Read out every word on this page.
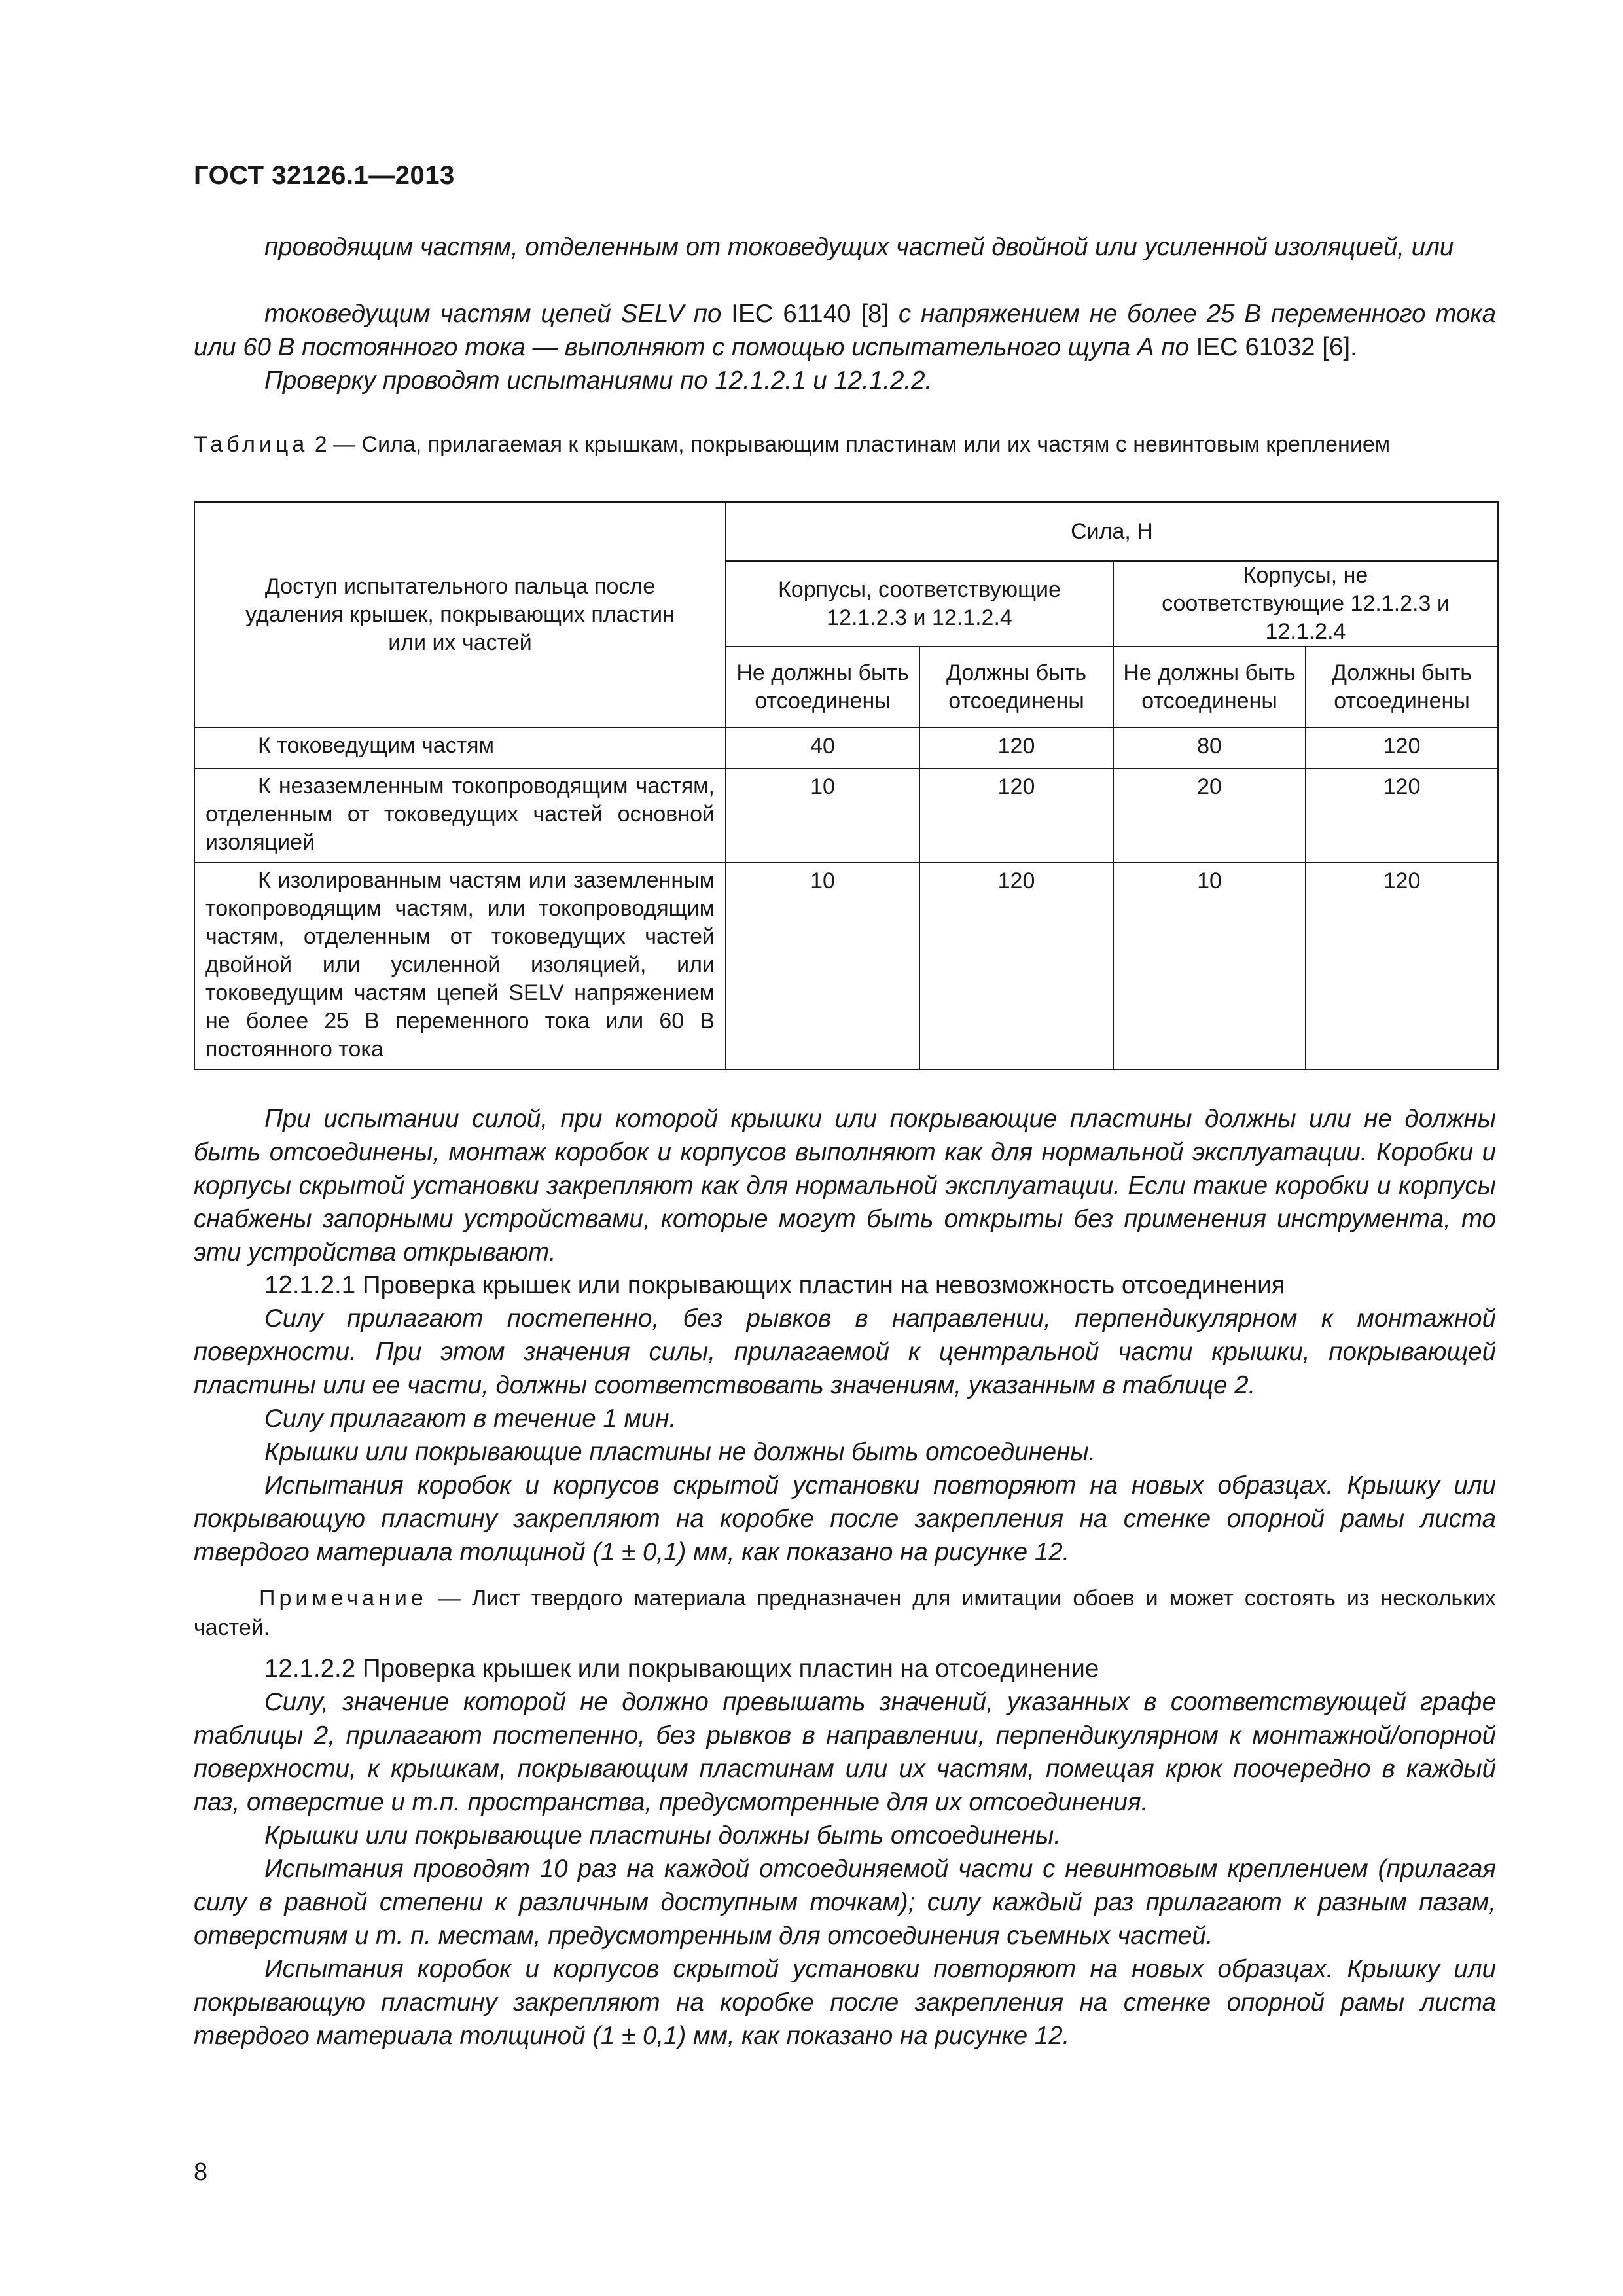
ГОСТ 32126.1—2013

проводящим частям, отделенным от токоведущих частей двойной или усиленной изоляцией, или

токоведущим частям цепей SELV по IEC 61140 [8] с напряжением не более 25 В переменного тока или 60 В постоянного тока — выполняют с помощью испытательного щупа А по IEC 61032 [6].

Проверку проводят испытаниями по 12.1.2.1 и 12.1.2.2.

Таблица 2 — Сила, прилагаемая к крышкам, покрывающим пластинам или их частям с невинтовым креплением

Доступ испытательного пальца после удаления крышек, покрывающих пластин или их частей	Сила, Н			
	Корпусы, соответствующие 12.1.2.3 и 12.1.2.4		Корпусы, не соответствующие 12.1.2.3 и 12.1.2.4	
	Не должны быть отсоединены	Должны быть отсоединены	Не должны быть отсоединены	Должны быть отсоединены
К токоведущим частям	40	120	80	120
К незаземленным токопроводящим частям, отделенным от токоведущих частей основной изоляцией	10	120	20	120
К изолированным частям или заземленным токопроводящим частям, или токопроводящим частям, отделенным от токоведущих частей двойной или усиленной изоляцией, или токоведущим частям цепей SELV напряжением не более 25 В переменного тока или 60 В постоянного тока	10	120	10	120

При испытании силой, при которой крышки или покрывающие пластины должны или не должны быть отсоединены, монтаж коробок и корпусов выполняют как для нормальной эксплуатации. Коробки и корпусы скрытой установки закрепляют как для нормальной эксплуатации. Если такие коробки и корпусы снабжены запорными устройствами, которые могут быть открыты без применения инструмента, то эти устройства открывают.

12.1.2.1 Проверка крышек или покрывающих пластин на невозможность отсоединения

Силу прилагают постепенно, без рывков в направлении, перпендикулярном к монтажной поверхности. При этом значения силы, прилагаемой к центральной части крышки, покрывающей пластины или ее части, должны соответствовать значениям, указанным в таблице 2.

Силу прилагают в течение 1 мин.

Крышки или покрывающие пластины не должны быть отсоединены.

Испытания коробок и корпусов скрытой установки повторяют на новых образцах. Крышку или покрывающую пластину закрепляют на коробке после закрепления на стенке опорной рамы листа твердого материала толщиной (1 ± 0,1) мм, как показано на рисунке 12.

Примечание — Лист твердого материала предназначен для имитации обоев и может состоять из нескольких частей.

12.1.2.2 Проверка крышек или покрывающих пластин на отсоединение

Силу, значение которой не должно превышать значений, указанных в соответствующей графе таблицы 2, прилагают постепенно, без рывков в направлении, перпендикулярном к монтажной/опорной поверхности, к крышкам, покрывающим пластинам или их частям, помещая крюк поочередно в каждый паз, отверстие и т.п. пространства, предусмотренные для их отсоединения.

Крышки или покрывающие пластины должны быть отсоединены.

Испытания проводят 10 раз на каждой отсоединяемой части с невинтовым креплением (прилагая силу в равной степени к различным доступным точкам); силу каждый раз прилагают к разным пазам, отверстиям и т. п. местам, предусмотренным для отсоединения съемных частей.

Испытания коробок и корпусов скрытой установки повторяют на новых образцах. Крышку или покрывающую пластину закрепляют на коробке после закрепления на стенке опорной рамы листа твердого материала толщиной (1 ± 0,1) мм, как показано на рисунке 12.

8
